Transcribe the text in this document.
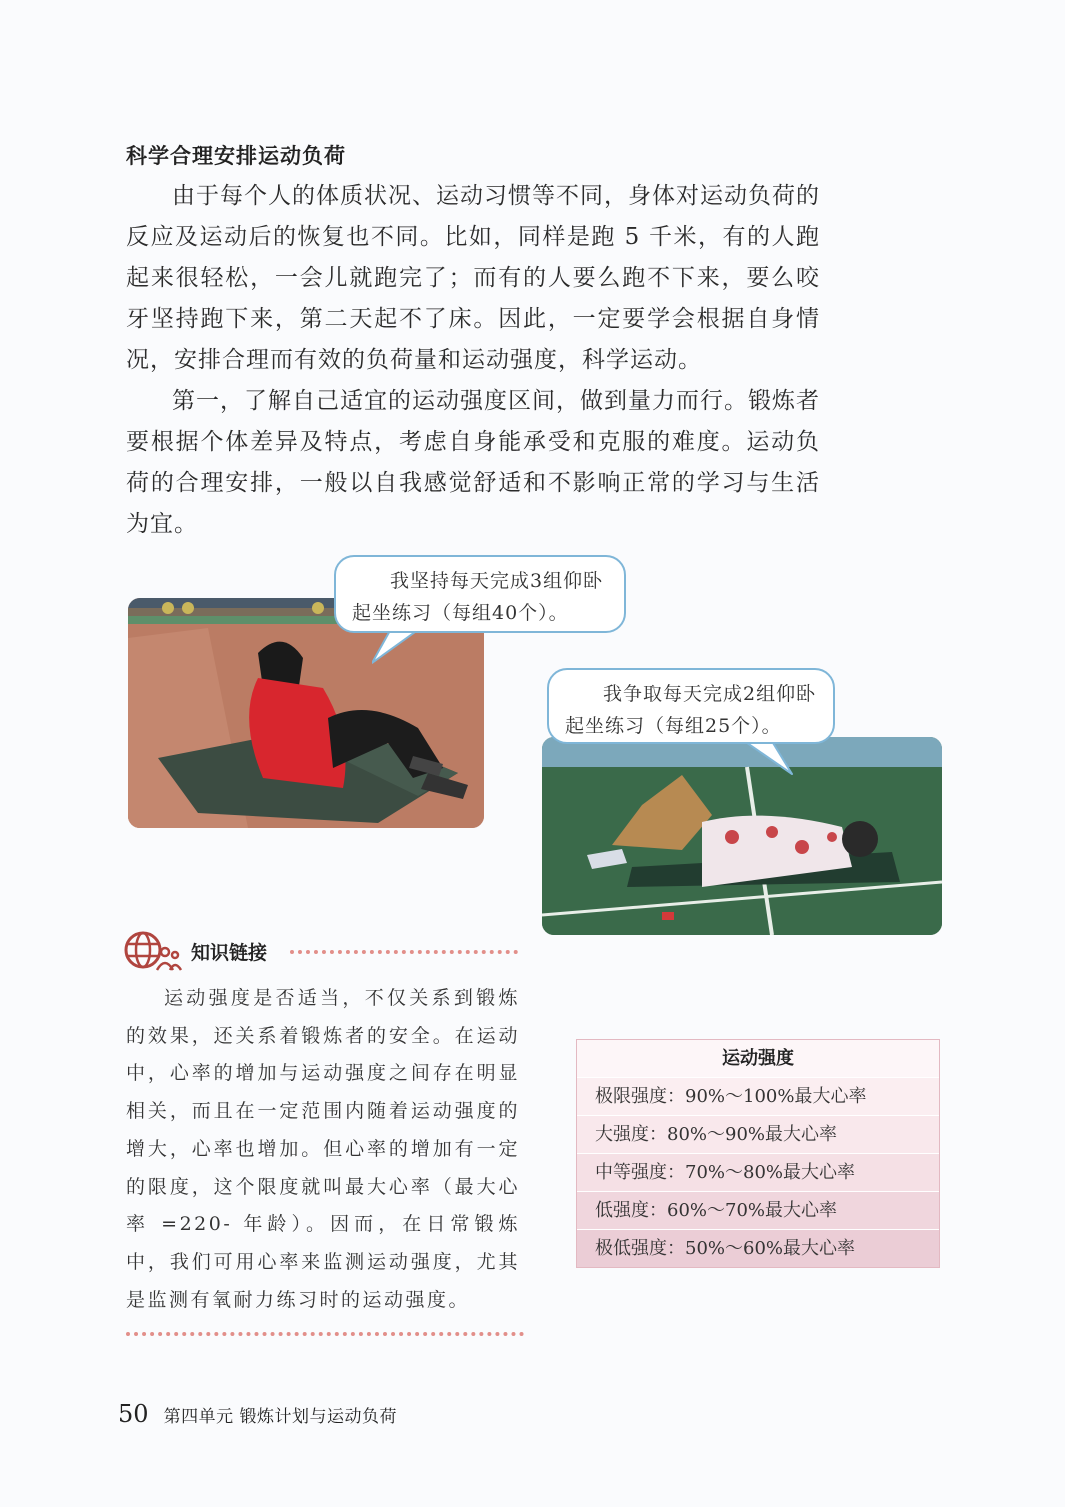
科学合理安排运动负荷

由于每个人的体质状况、运动习惯等不同，身体对运动负荷的反应及运动后的恢复也不同。比如，同样是跑 5 千米，有的人跑起来很轻松，一会儿就跑完了；而有的人要么跑不下来，要么咬牙坚持跑下来，第二天起不了床。因此，一定要学会根据自身情况，安排合理而有效的负荷量和运动强度，科学运动。

第一，了解自己适宜的运动强度区间，做到量力而行。锻炼者要根据个体差异及特点，考虑自身能承受和克服的难度。运动负荷的合理安排，一般以自我感觉舒适和不影响正常的学习与生活为宜。

我坚持每天完成3组仰卧起坐练习（每组40个）。
我争取每天完成2组仰卧起坐练习（每组25个）。
知识链接

运动强度是否适当，不仅关系到锻炼的效果，还关系着锻炼者的安全。在运动中，心率的增加与运动强度之间存在明显相关，而且在一定范围内随着运动强度的增大，心率也增加。但心率的增加有一定的限度，这个限度就叫最大心率（最大心率 =220- 年龄）。因而，在日常锻炼中，我们可用心率来监测运动强度，尤其是监测有氧耐力练习时的运动强度。

运动强度
极限强度：90%～100%最大心率
大强度：80%～90%最大心率
中等强度：70%～80%最大心率
低强度：60%～70%最大心率
极低强度：50%～60%最大心率
50 第四单元 锻炼计划与运动负荷
